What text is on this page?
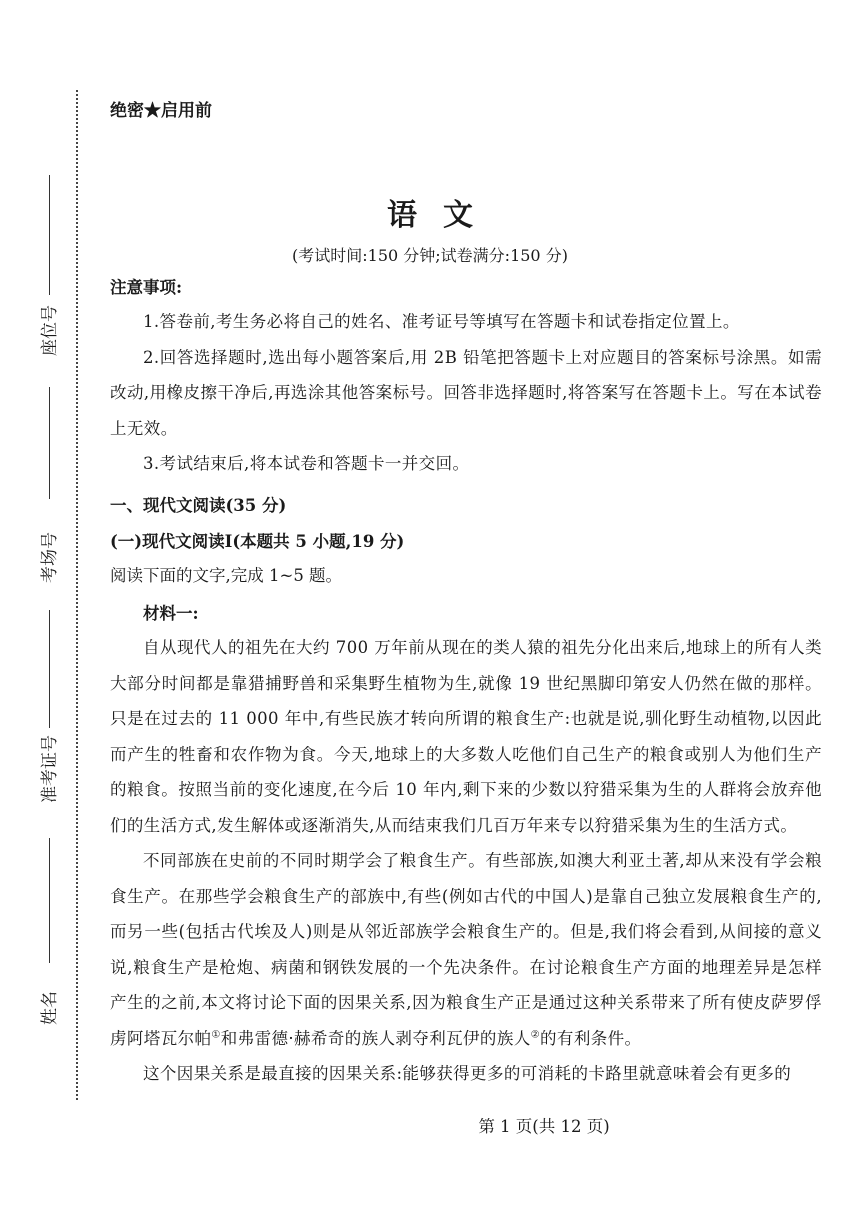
座位号
考场号
准考证号
姓名
绝密★启用前
语文
(考试时间:150 分钟;试卷满分:150 分)
注意事项:

1.答卷前,考生务必将自己的姓名、准考证号等填写在答题卡和试卷指定位置上。

2.回答选择题时,选出每小题答案后,用 2B 铅笔把答题卡上对应题目的答案标号涂黑。如需改动,用橡皮擦干净后,再选涂其他答案标号。回答非选择题时,将答案写在答题卡上。写在本试卷上无效。

3.考试结束后,将本试卷和答题卡一并交回。

一、现代文阅读(35 分)
(一)现代文阅读Ⅰ(本题共 5 小题,19 分)
阅读下面的文字,完成 1~5 题。
材料一:

自从现代人的祖先在大约 700 万年前从现在的类人猿的祖先分化出来后,地球上的所有人类大部分时间都是靠猎捕野兽和采集野生植物为生,就像 19 世纪黑脚印第安人仍然在做的那样。只是在过去的 11 000 年中,有些民族才转向所谓的粮食生产:也就是说,驯化野生动植物,以因此而产生的牲畜和农作物为食。今天,地球上的大多数人吃他们自己生产的粮食或别人为他们生产的粮食。按照当前的变化速度,在今后 10 年内,剩下来的少数以狩猎采集为生的人群将会放弃他们的生活方式,发生解体或逐渐消失,从而结束我们几百万年来专以狩猎采集为生的生活方式。

不同部族在史前的不同时期学会了粮食生产。有些部族,如澳大利亚土著,却从来没有学会粮食生产。在那些学会粮食生产的部族中,有些(例如古代的中国人)是靠自己独立发展粮食生产的,而另一些(包括古代埃及人)则是从邻近部族学会粮食生产的。但是,我们将会看到,从间接的意义说,粮食生产是枪炮、病菌和钢铁发展的一个先决条件。在讨论粮食生产方面的地理差异是怎样产生的之前,本文将讨论下面的因果关系,因为粮食生产正是通过这种关系带来了所有使皮萨罗俘虏阿塔瓦尔帕①和弗雷德·赫希奇的族人剥夺利瓦伊的族人②的有利条件。

这个因果关系是最直接的因果关系:能够获得更多的可消耗的卡路里就意味着会有更多的

第 1 页(共 12 页)
